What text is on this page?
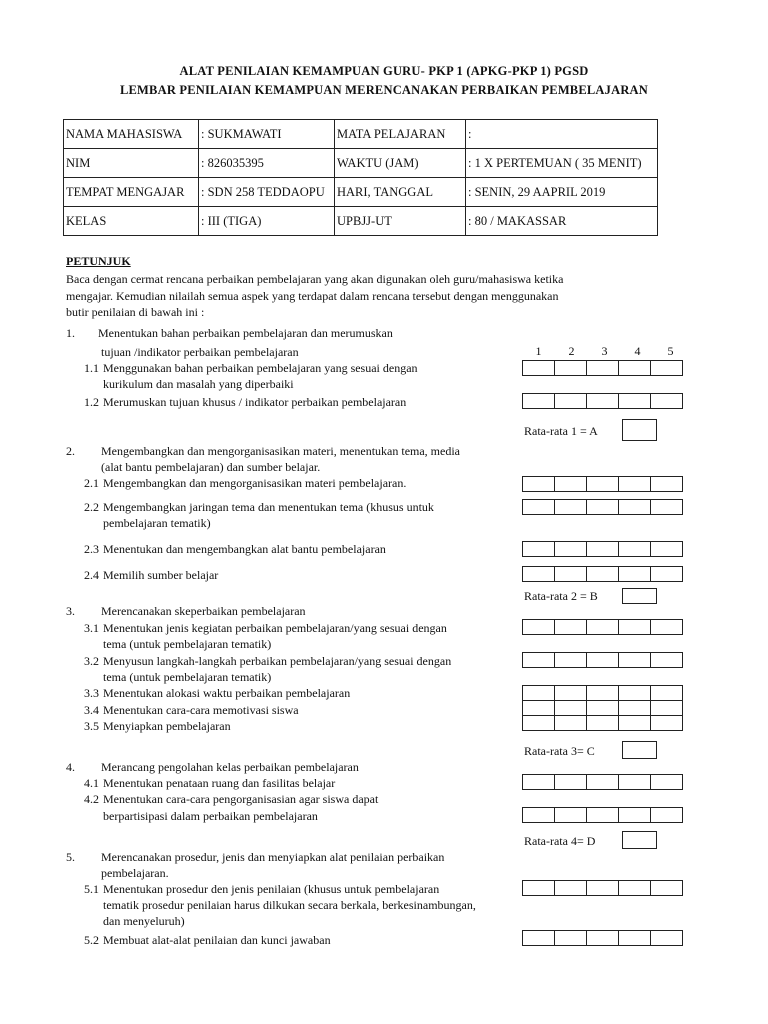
ALAT PENILAIAN KEMAMPUAN GURU- PKP 1 (APKG-PKP 1) PGSD
LEMBAR PENILAIAN KEMAMPUAN MERENCANAKAN PERBAIKAN PEMBELAJARAN
NAMA MAHASISWA	: SUKMAWATI	MATA PELAJARAN	:
NIM	: 826035395	WAKTU (JAM)	: 1 X PERTEMUAN ( 35 MENIT)
TEMPAT MENGAJAR	: SDN 258 TEDDAOPU	HARI, TANGGAL	: SENIN, 29 AAPRIL 2019
KELAS	: III (TIGA)	UPBJJ-UT	: 80 / MAKASSAR
PETUNJUK
Baca dengan cermat rencana perbaikan pembelajaran yang akan digunakan oleh guru/mahasiswa ketika
mengajar. Kemudian nilailah semua aspek yang terdapat dalam rencana tersebut dengan menggunakan
butir penilaian di bawah ini :
1	2	3	4	5
1. Menentukan bahan perbaikan pembelajaran dan merumuskan
tujuan /indikator perbaikan pembelajaran
1.1 Menggunakan bahan perbaikan pembelajaran yang sesuai dengan
kurikulum dan masalah yang diperbaiki
1.2 Merumuskan tujuan khusus / indikator perbaikan pembelajaran
Rata-rata 1 = A
2. Mengembangkan dan mengorganisasikan materi, menentukan tema, media
(alat bantu pembelajaran) dan sumber belajar.
2.1 Mengembangkan dan mengorganisasikan materi pembelajaran.
2.2 Mengembangkan jaringan tema dan menentukan tema (khusus untuk
pembelajaran tematik)
2.3 Menentukan dan mengembangkan alat bantu pembelajaran
2.4 Memilih sumber belajar
Rata-rata 2 = B
3. Merencanakan skeperbaikan pembelajaran
3.1 Menentukan jenis kegiatan perbaikan pembelajaran/yang sesuai dengan
tema (untuk pembelajaran tematik)
3.2 Menyusun langkah-langkah perbaikan pembelajaran/yang sesuai dengan
tema (untuk pembelajaran tematik)
3.3 Menentukan alokasi waktu perbaikan pembelajaran
3.4 Menentukan cara-cara memotivasi siswa
3.5 Menyiapkan pembelajaran
Rata-rata 3= C
4. Merancang pengolahan kelas perbaikan pembelajaran
4.1 Menentukan penataan ruang dan fasilitas belajar
4.2 Menentukan cara-cara pengorganisasian agar siswa dapat
berpartisipasi dalam perbaikan pembelajaran
Rata-rata 4= D
5. Merencanakan prosedur, jenis dan menyiapkan alat penilaian perbaikan
pembelajaran.
5.1 Menentukan prosedur den jenis penilaian (khusus untuk pembelajaran
tematik prosedur penilaian harus dilkukan secara berkala, berkesinambungan,
dan menyeluruh)
5.2 Membuat alat-alat penilaian dan kunci jawaban
